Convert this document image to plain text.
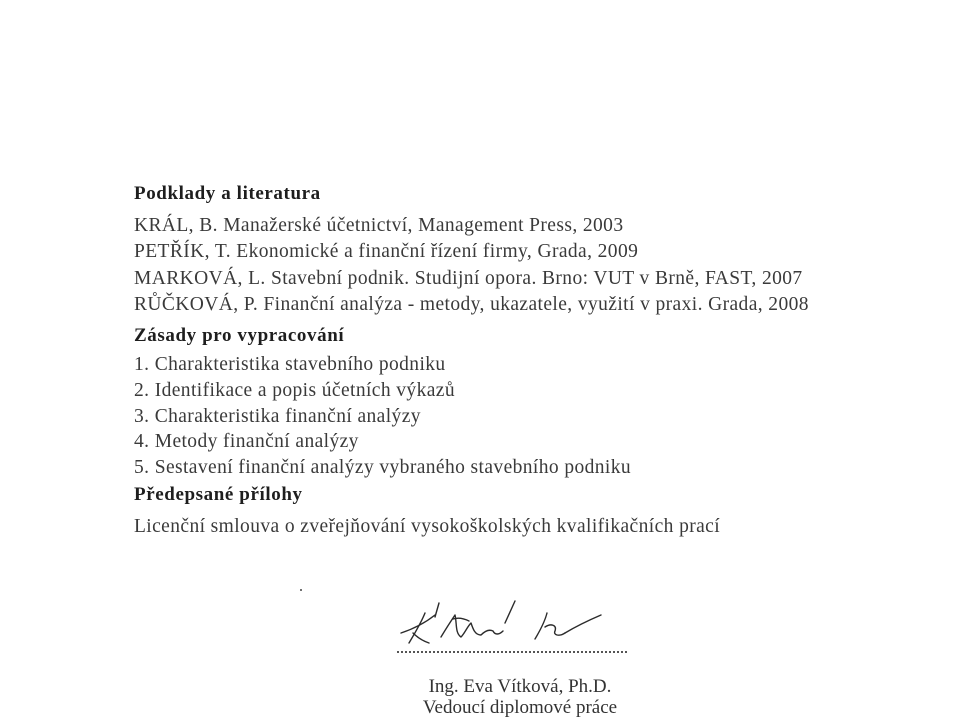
Podklady a literatura
KRÁL, B. Manažerské účetnictví, Management Press, 2003
PETŘÍK, T. Ekonomické a finanční řízení firmy, Grada, 2009
MARKOVÁ, L. Stavební podnik. Studijní opora. Brno: VUT v Brně, FAST, 2007
RŮČKOVÁ, P. Finanční analýza - metody, ukazatele, využití v praxi. Grada, 2008
Zásady pro vypracování
1. Charakteristika stavebního podniku
2. Identifikace a popis účetních výkazů
3. Charakteristika finanční analýzy
4. Metody finanční analýzy
5. Sestavení finanční analýzy vybraného stavebního podniku
Předepsané přílohy
Licenční smlouva o zveřejňování vysokoškolských kvalifikačních prací
Ing. Eva Vítková, Ph.D.
Vedoucí diplomové práce
